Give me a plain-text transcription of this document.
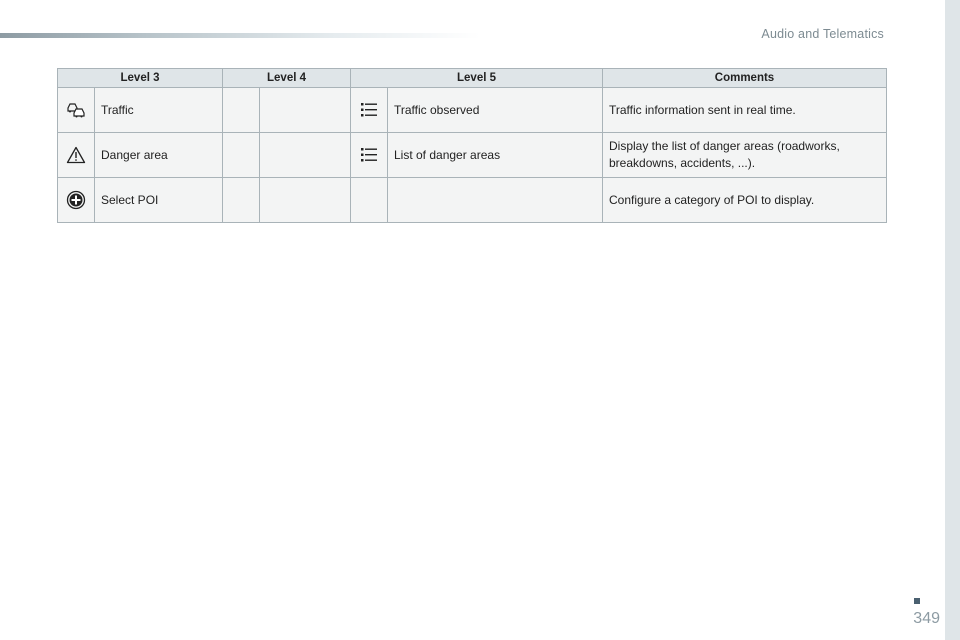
Audio and Telematics
Level 3		Level 4		Level 5		Comments

	Traffic				Traffic observed	Traffic information sent in real time.

	Danger area				List of danger areas	Display the list of danger areas (roadworks, breakdowns, accidents, ...).

	Select POI					Configure a category of POI to display.
349
